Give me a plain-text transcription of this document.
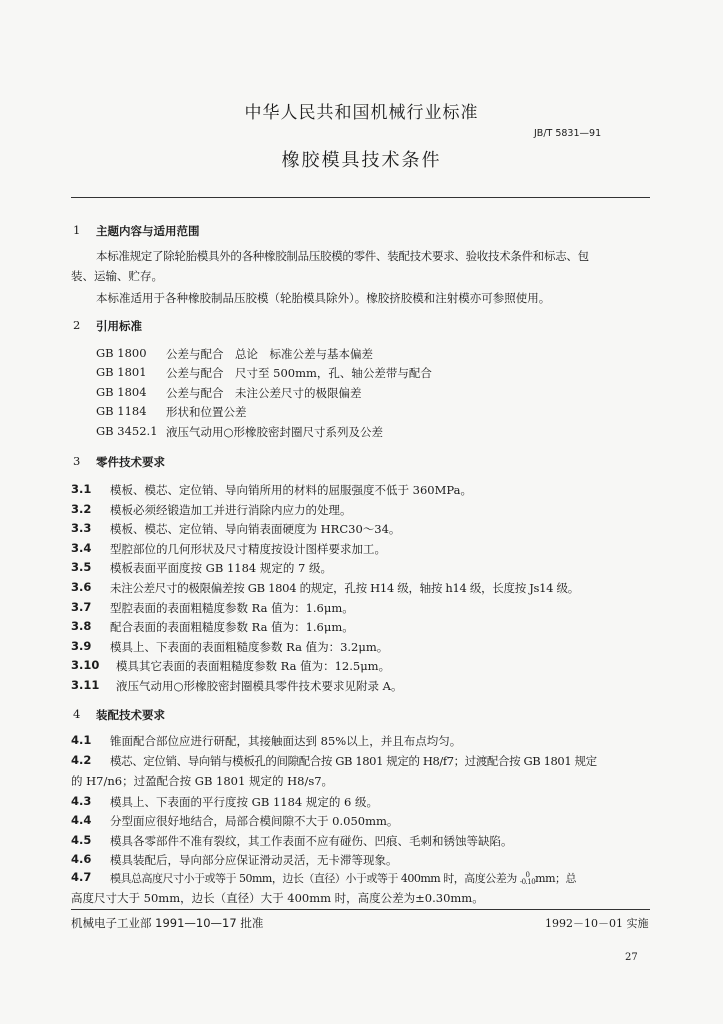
中华人民共和国机械行业标准
JB/T 5831—91
橡胶模具技术条件
1 主题内容与适用范围
本标准规定了除轮胎模具外的各种橡胶制品压胶模的零件、装配技术要求、验收技术条件和标志、包
装、运输、贮存。
本标准适用于各种橡胶制品压胶模（轮胎模具除外）。橡胶挤胶模和注射模亦可参照使用。
2 引用标准
GB 1800 公差与配合　总论　标准公差与基本偏差
GB 1801 公差与配合　尺寸至 500mm，孔、轴公差带与配合
GB 1804 公差与配合　未注公差尺寸的极限偏差
GB 1184 形状和位置公差
GB 3452.1 液压气动用○形橡胶密封圈尺寸系列及公差
3 零件技术要求
3.1 模板、模芯、定位销、导向销所用的材料的屈服强度不低于 360MPa。
3.2 模板必须经锻造加工并进行消除内应力的处理。
3.3 模板、模芯、定位销、导向销表面硬度为 HRC30～34。
3.4 型腔部位的几何形状及尺寸精度按设计图样要求加工。
3.5 模板表面平面度按 GB 1184 规定的 7 级。
3.6 未注公差尺寸的极限偏差按 GB 1804 的规定，孔按 H14 级，轴按 h14 级，长度按 Js14 级。
3.7 型腔表面的表面粗糙度参数 Ra 值为：1.6μm。
3.8 配合表面的表面粗糙度参数 Ra 值为：1.6μm。
3.9 模具上、下表面的表面粗糙度参数 Ra 值为：3.2μm。
3.10 模具其它表面的表面粗糙度参数 Ra 值为：12.5μm。
3.11 液压气动用○形橡胶密封圈模具零件技术要求见附录 A。
4 装配技术要求
4.1 锥面配合部位应进行研配，其接触面达到 85%以上，并且布点均匀。
4.2 模芯、定位销、导向销与模板孔的间隙配合按 GB 1801 规定的 H8/f7；过渡配合按 GB 1801 规定
的 H7/n6；过盈配合按 GB 1801 规定的 H8/s7。
4.3 模具上、下表面的平行度按 GB 1184 规定的 6 级。
4.4 分型面应很好地结合，局部合模间隙不大于 0.050mm。
4.5 模具各零部件不准有裂纹，其工作表面不应有碰伤、凹痕、毛刺和锈蚀等缺陷。
4.6 模具装配后，导向部分应保证滑动灵活，无卡滞等现象。
4.7 模具总高度尺寸小于或等于 50mm，边长（直径）小于或等于 400mm 时，高度公差为	0
-0.10 mm；总
高度尺寸大于 50mm，边长（直径）大于 400mm 时，高度公差为±0.30mm。
机械电子工业部 1991—10—17 批准	1992－10－01 实施
27
